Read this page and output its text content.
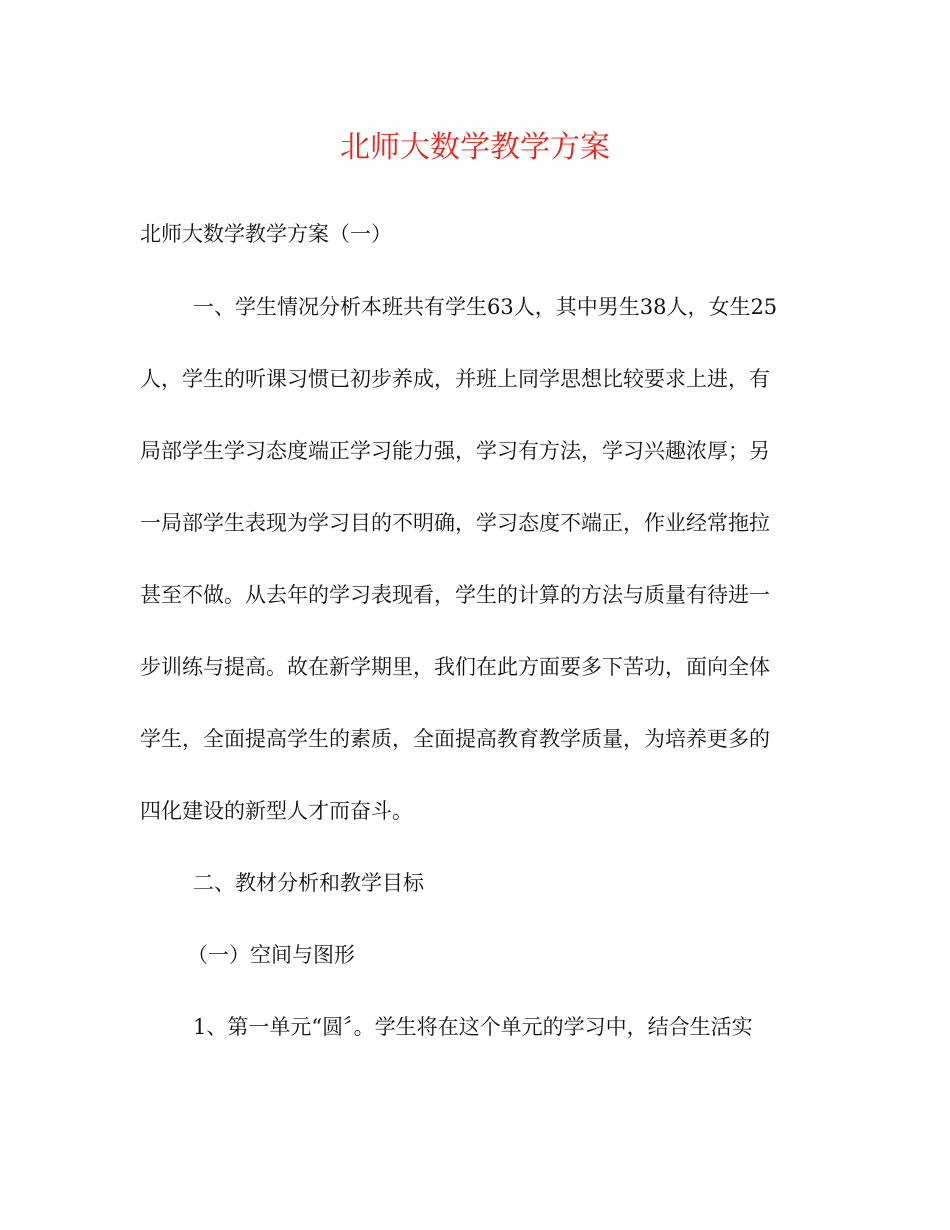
北师大数学教学方案

北师大数学教学方案（一）

一、学生情况分析本班共有学生63人，其中男生38人，女生25

人，学生的听课习惯已初步养成，并班上同学思想比较要求上进，有

局部学生学习态度端正学习能力强，学习有方法，学习兴趣浓厚；另

一局部学生表现为学习目的不明确，学习态度不端正，作业经常拖拉

甚至不做。从去年的学习表现看，学生的计算的方法与质量有待进一

步训练与提高。故在新学期里，我们在此方面要多下苦功，面向全体

学生，全面提高学生的素质，全面提高教育教学质量，为培养更多的

四化建设的新型人才而奋斗。

二、教材分析和教学目标

（一）空间与图形

1、第一单元“圆〞。学生将在这个单元的学习中，结合生活实
